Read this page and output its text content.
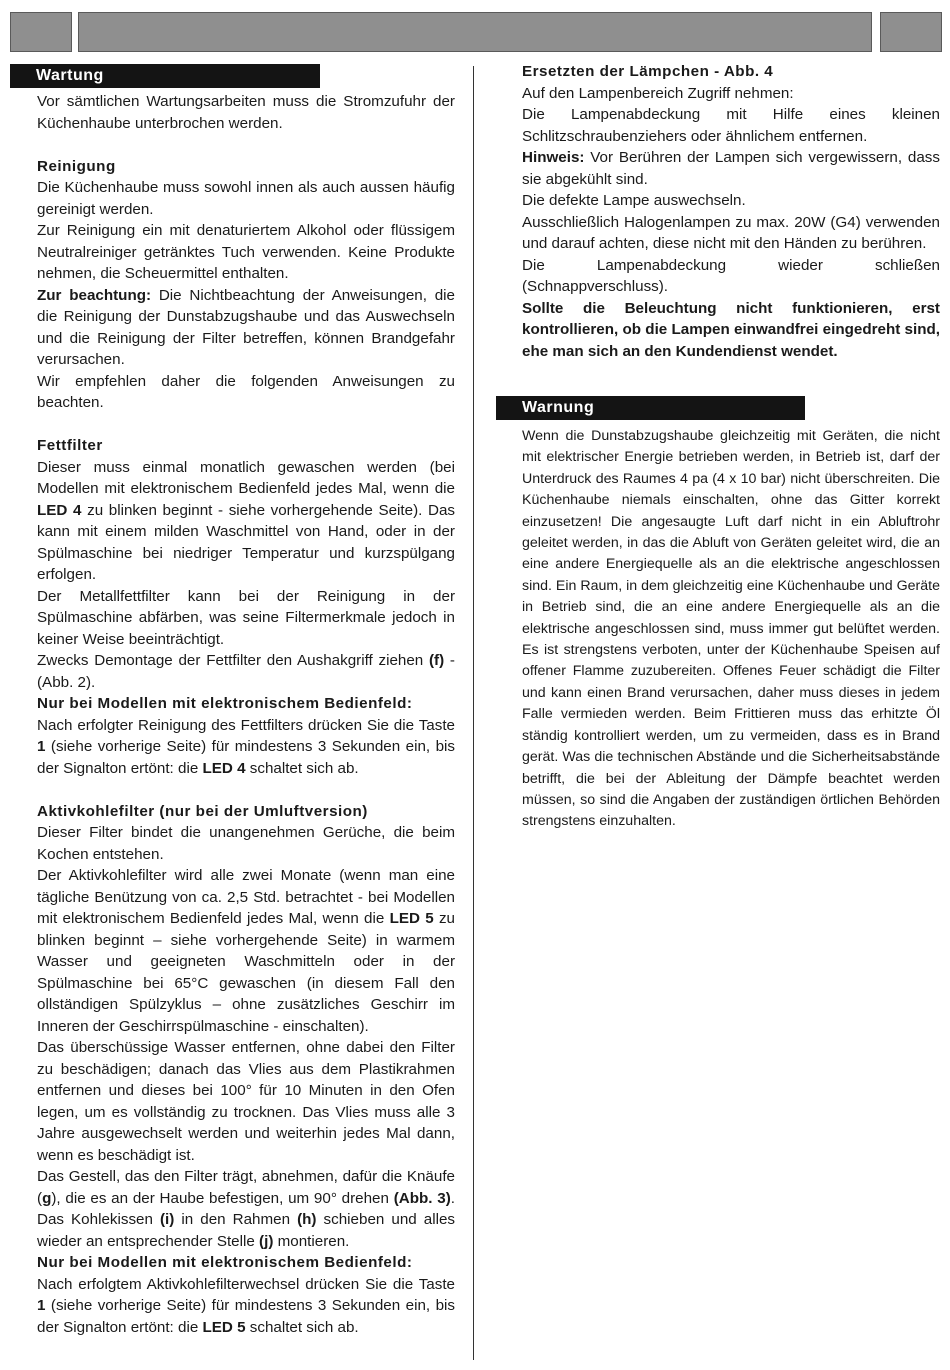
Wartung

Vor sämtlichen Wartungsarbeiten muss die Stromzufuhr der Küchenhaube unterbrochen werden.

Reinigung

Die Küchenhaube muss sowohl innen als auch aussen häufig gereinigt werden.

Zur Reinigung ein mit denaturiertem Alkohol oder flüssigem Neutralreiniger getränktes Tuch verwenden. Keine Produkte nehmen, die Scheuermittel enthalten.

Zur beachtung: Die Nichtbeachtung der Anweisungen, die die Reinigung der Dunstabzugshaube und das Auswechseln und die Reinigung der Filter betreffen, können Brandgefahr verursachen.

Wir empfehlen daher die folgenden Anweisungen zu beachten.

Fettfilter

Dieser muss einmal monatlich gewaschen werden (bei Modellen mit elektronischem Bedienfeld jedes Mal, wenn die LED 4 zu blinken beginnt - siehe vorhergehende Seite). Das kann mit einem milden Waschmittel von Hand, oder in der Spülmaschine bei niedriger Temperatur und kurzspülgang erfolgen.

Der Metallfettfilter kann bei der Reinigung in der Spülmaschine abfärben, was seine Filtermerkmale jedoch in keiner Weise beeinträchtigt.

Zwecks Demontage der Fettfilter den Aushakgriff ziehen (f) - (Abb. 2).

Nur bei Modellen mit elektronischem Bedienfeld:

Nach erfolgter Reinigung des Fettfilters drücken Sie die Taste 1 (siehe vorherige Seite) für mindestens 3 Sekunden ein, bis der Signalton ertönt: die LED 4 schaltet sich ab.

Aktivkohlefilter (nur bei der Umluftversion)

Dieser Filter bindet die unangenehmen Gerüche, die beim Kochen entstehen.

Der Aktivkohlefilter wird alle zwei Monate (wenn man eine tägliche Benützung von ca. 2,5 Std. betrachtet - bei Modellen mit elektronischem Bedienfeld jedes Mal, wenn die LED 5 zu blinken beginnt – siehe vorhergehende Seite) in warmem Wasser und geeigneten Waschmitteln oder in der Spülmaschine bei 65°C gewaschen (in diesem Fall den ollständigen Spülzyklus – ohne zusätzliches Geschirr im Inneren der Geschirrspülmaschine - einschalten).

Das überschüssige Wasser entfernen, ohne dabei den Filter zu beschädigen; danach das Vlies aus dem Plastikrahmen entfernen und dieses bei 100° für 10 Minuten in den Ofen legen, um es vollständig zu trocknen. Das Vlies muss alle 3 Jahre ausgewechselt werden und weiterhin jedes Mal dann, wenn es beschädigt ist.

Das Gestell, das den Filter trägt, abnehmen, dafür die Knäufe (g), die es an der Haube befestigen, um 90° drehen (Abb. 3). Das Kohlekissen (i) in den Rahmen (h) schieben und alles wieder an entsprechender Stelle (j) montieren.

Nur bei Modellen mit elektronischem Bedienfeld:

Nach erfolgtem Aktivkohlefilterwechsel drücken Sie die Taste 1 (siehe vorherige Seite) für mindestens 3 Sekunden ein, bis der Signalton ertönt: die LED 5 schaltet sich ab.

Ersetzten der Lämpchen - Abb. 4

Auf den Lampenbereich Zugriff nehmen:

Die Lampenabdeckung mit Hilfe eines kleinen Schlitzschraubenziehers oder ähnlichem entfernen.

Hinweis: Vor Berühren der Lampen sich vergewissern, dass sie abgekühlt sind.

Die defekte Lampe auswechseln.

Ausschließlich Halogenlampen zu max. 20W (G4) verwenden und darauf achten, diese nicht mit den Händen zu berühren.

Die Lampenabdeckung wieder schließen (Schnappverschluss).

Sollte die Beleuchtung nicht funktionieren, erst kontrollieren, ob die Lampen einwandfrei eingedreht sind, ehe man sich an den Kundendienst wendet.

Warnung

Wenn die Dunstabzugshaube gleichzeitig mit Geräten, die nicht mit elektrischer Energie betrieben werden, in Betrieb ist, darf der Unterdruck des Raumes 4 pa (4 x 10 bar) nicht überschreiten. Die Küchenhaube niemals einschalten, ohne das Gitter korrekt einzusetzen! Die angesaugte Luft darf nicht in ein Abluftrohr geleitet werden, in das die Abluft von Geräten geleitet wird, die an eine andere Energiequelle als an die elektrische angeschlossen sind. Ein Raum, in dem gleichzeitig eine Küchenhaube und Geräte in Betrieb sind, die an eine andere Energiequelle als an die elektrische angeschlossen sind, muss immer gut belüftet werden. Es ist strengstens verboten, unter der Küchenhaube Speisen auf offener Flamme zuzubereiten. Offenes Feuer schädigt die Filter und kann einen Brand verursachen, daher muss dieses in jedem Falle vermieden werden. Beim Frittieren muss das erhitzte Öl ständig kontrolliert werden, um zu vermeiden, dass es in Brand gerät. Was die technischen Abstände und die Sicherheitsabstände betrifft, die bei der Ableitung der Dämpfe beachtet werden müssen, so sind die Angaben der zuständigen örtlichen Behörden strengstens einzuhalten.
